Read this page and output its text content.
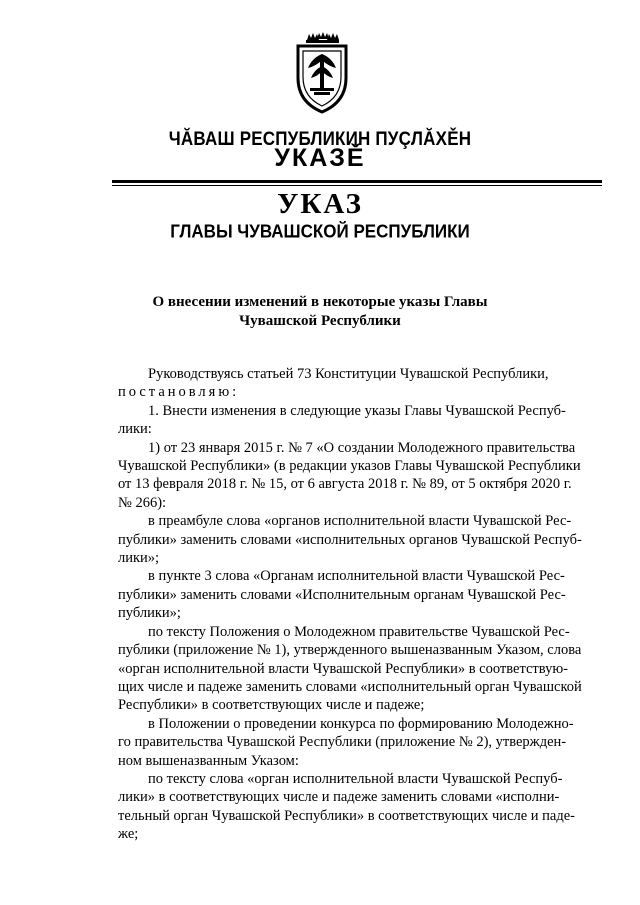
ЧĂВАШ РЕСПУБЛИКИН ПУÇЛĂХĚН
УКАЗĚ
УКАЗ
ГЛАВЫ ЧУВАШСКОЙ РЕСПУБЛИКИ
О внесении изменений в некоторые указы Главы
Чувашской Республики

Руководствуясь статьей 73 Конституции Чувашской Республики,

постановляю:

1. Внести изменения в следующие указы Главы Чувашской Респуб-

лики:

1) от 23 января 2015 г. № 7 «О создании Молодежного правительства

Чувашской Республики» (в редакции указов Главы Чувашской Республики

от 13 февраля 2018 г. № 15, от 6 августа 2018 г. № 89, от 5 октября 2020 г.

№ 266):

в преамбуле слова «органов исполнительной власти Чувашской Рес-

публики» заменить словами «исполнительных органов Чувашской Респуб-

лики»;

в пункте 3 слова «Органам исполнительной власти Чувашской Рес-

публики» заменить словами «Исполнительным органам Чувашской Рес-

публики»;

по тексту Положения о Молодежном правительстве Чувашской Рес-

публики (приложение № 1), утвержденного вышеназванным Указом, слова

«орган исполнительной власти Чувашской Республики» в соответствую-

щих числе и падеже заменить словами «исполнительный орган Чувашской

Республики» в соответствующих числе и падеже;

в Положении о проведении конкурса по формированию Молодежно-

го правительства Чувашской Республики (приложение № 2), утвержден-

ном вышеназванным Указом:

по тексту слова «орган исполнительной власти Чувашской Респуб-

лики» в соответствующих числе и падеже заменить словами «исполни-

тельный орган Чувашской Республики» в соответствующих числе и паде-

же;
